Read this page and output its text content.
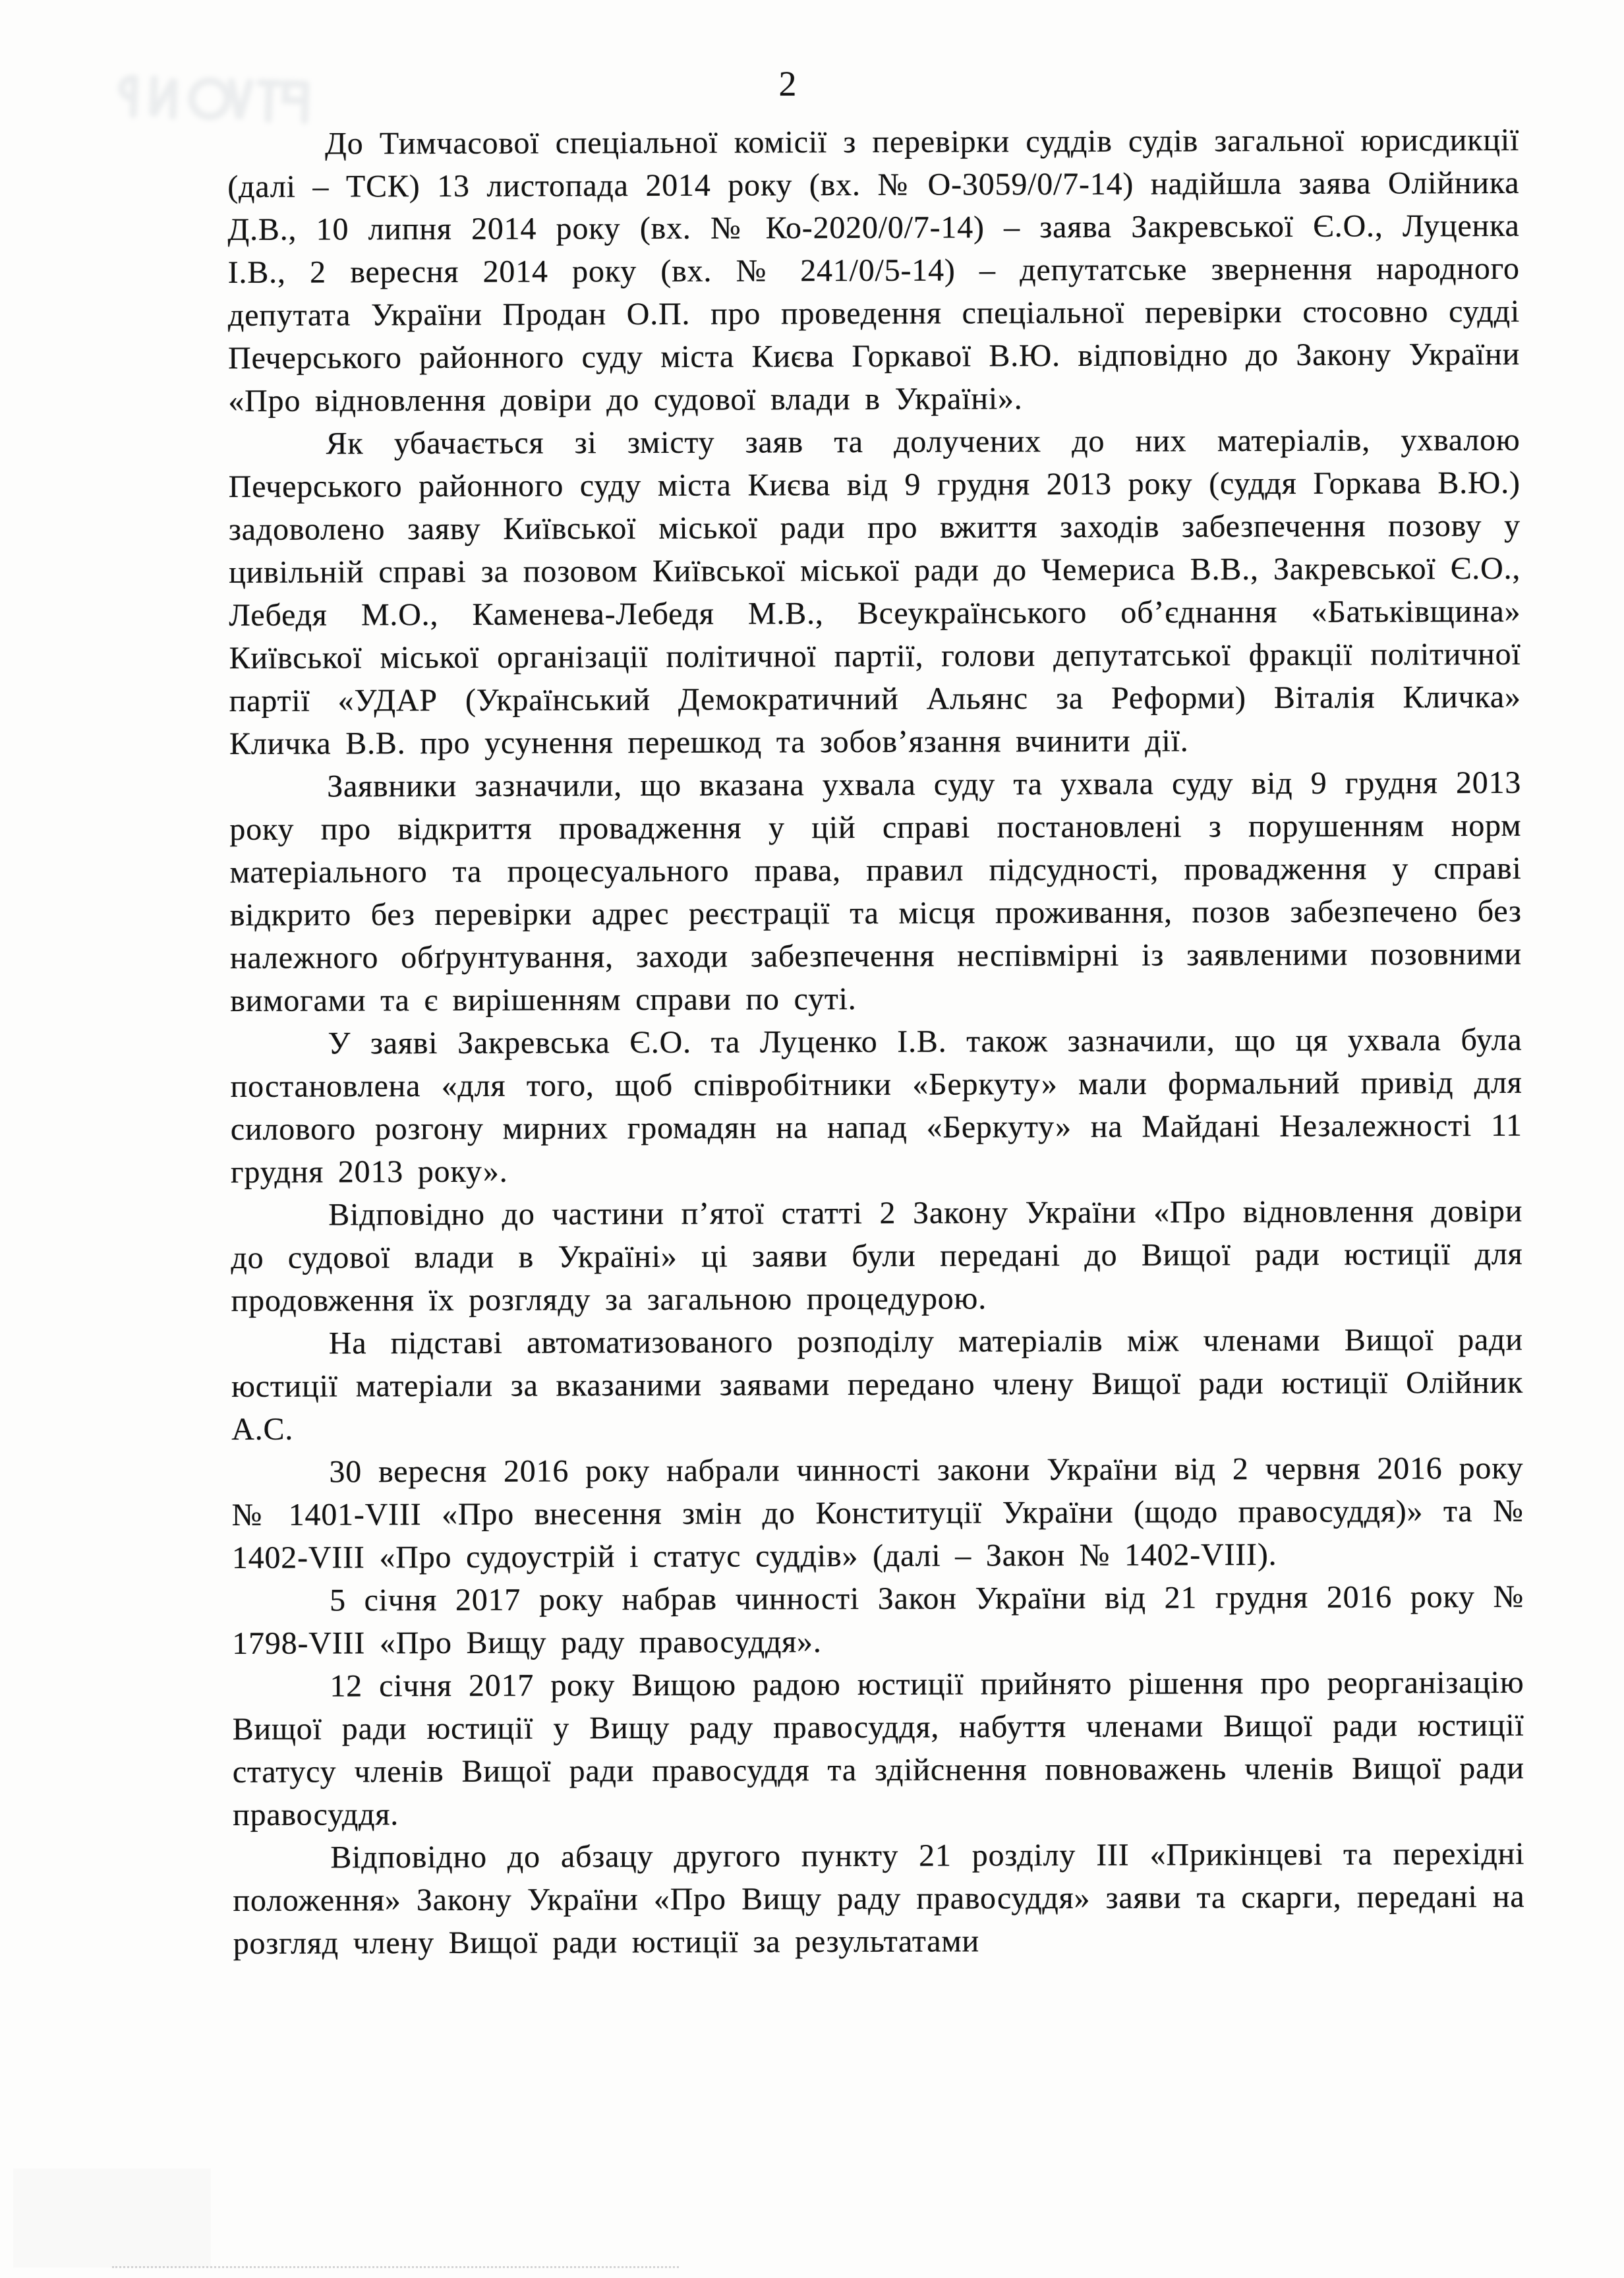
2

До Тимчасової спеціальної комісії з перевірки суддів судів загальної юрисдикції (далі – ТСК) 13 листопада 2014 року (вх. № О-3059/0/7-14) надійшла заява Олійника Д.В., 10 липня 2014 року (вх. № Ко-2020/0/7-14) – заява Закревської Є.О., Луценка І.В., 2 вересня 2014 року (вх. № 241/0/5-14) – депутатське звернення народного депутата України Продан О.П. про проведення спеціальної перевірки стосовно судді Печерського районного суду міста Києва Горкавої В.Ю. відповідно до Закону України «Про відновлення довіри до судової влади в Україні».

Як убачається зі змісту заяв та долучених до них матеріалів, ухвалою Печерського районного суду міста Києва від 9 грудня 2013 року (суддя Горкава В.Ю.) задоволено заяву Київської міської ради про вжиття заходів забезпечення позову у цивільній справі за позовом Київської міської ради до Чемериса В.В., Закревської Є.О., Лебедя М.О., Каменева-Лебедя М.В., Всеукраїнського об’єднання «Батьківщина» Київської міської організації політичної партії, голови депутатської фракції політичної партії «УДАР (Український Демократичний Альянс за Реформи) Віталія Кличка» Кличка В.В. про усунення перешкод та зобов’язання вчинити дії.

Заявники зазначили, що вказана ухвала суду та ухвала суду від 9 грудня 2013 року про відкриття провадження у цій справі постановлені з порушенням норм матеріального та процесуального права, правил підсудності, провадження у справі відкрито без перевірки адрес реєстрації та місця проживання, позов забезпечено без належного обґрунтування, заходи забезпечення неспівмірні із заявленими позовними вимогами та є вирішенням справи по суті.

У заяві Закревська Є.О. та Луценко І.В. також зазначили, що ця ухвала була постановлена «для того, щоб співробітники «Беркуту» мали формальний привід для силового розгону мирних громадян на напад «Беркуту» на Майдані Незалежності 11 грудня 2013 року».

Відповідно до частини п’ятої статті 2 Закону України «Про відновлення довіри до судової влади в Україні» ці заяви були передані до Вищої ради юстиції для продовження їх розгляду за загальною процедурою.

На підставі автоматизованого розподілу матеріалів між членами Вищої ради юстиції матеріали за вказаними заявами передано члену Вищої ради юстиції Олійник А.С.

30 вересня 2016 року набрали чинності закони України від 2 червня 2016 року № 1401-VIII «Про внесення змін до Конституції України (щодо правосуддя)» та № 1402-VIII «Про судоустрій і статус суддів» (далі – Закон № 1402-VIII).

5 січня 2017 року набрав чинності Закон України від 21 грудня 2016 року № 1798-VIII «Про Вищу раду правосуддя».

12 січня 2017 року Вищою радою юстиції прийнято рішення про реорганізацію Вищої ради юстиції у Вищу раду правосуддя, набуття членами Вищої ради юстиції статусу членів Вищої ради правосуддя та здійснення повноважень членів Вищої ради правосуддя.

Відповідно до абзацу другого пункту 21 розділу III «Прикінцеві та перехідні положення» Закону України «Про Вищу раду правосуддя» заяви та скарги, передані на розгляд члену Вищої ради юстиції за результатами
